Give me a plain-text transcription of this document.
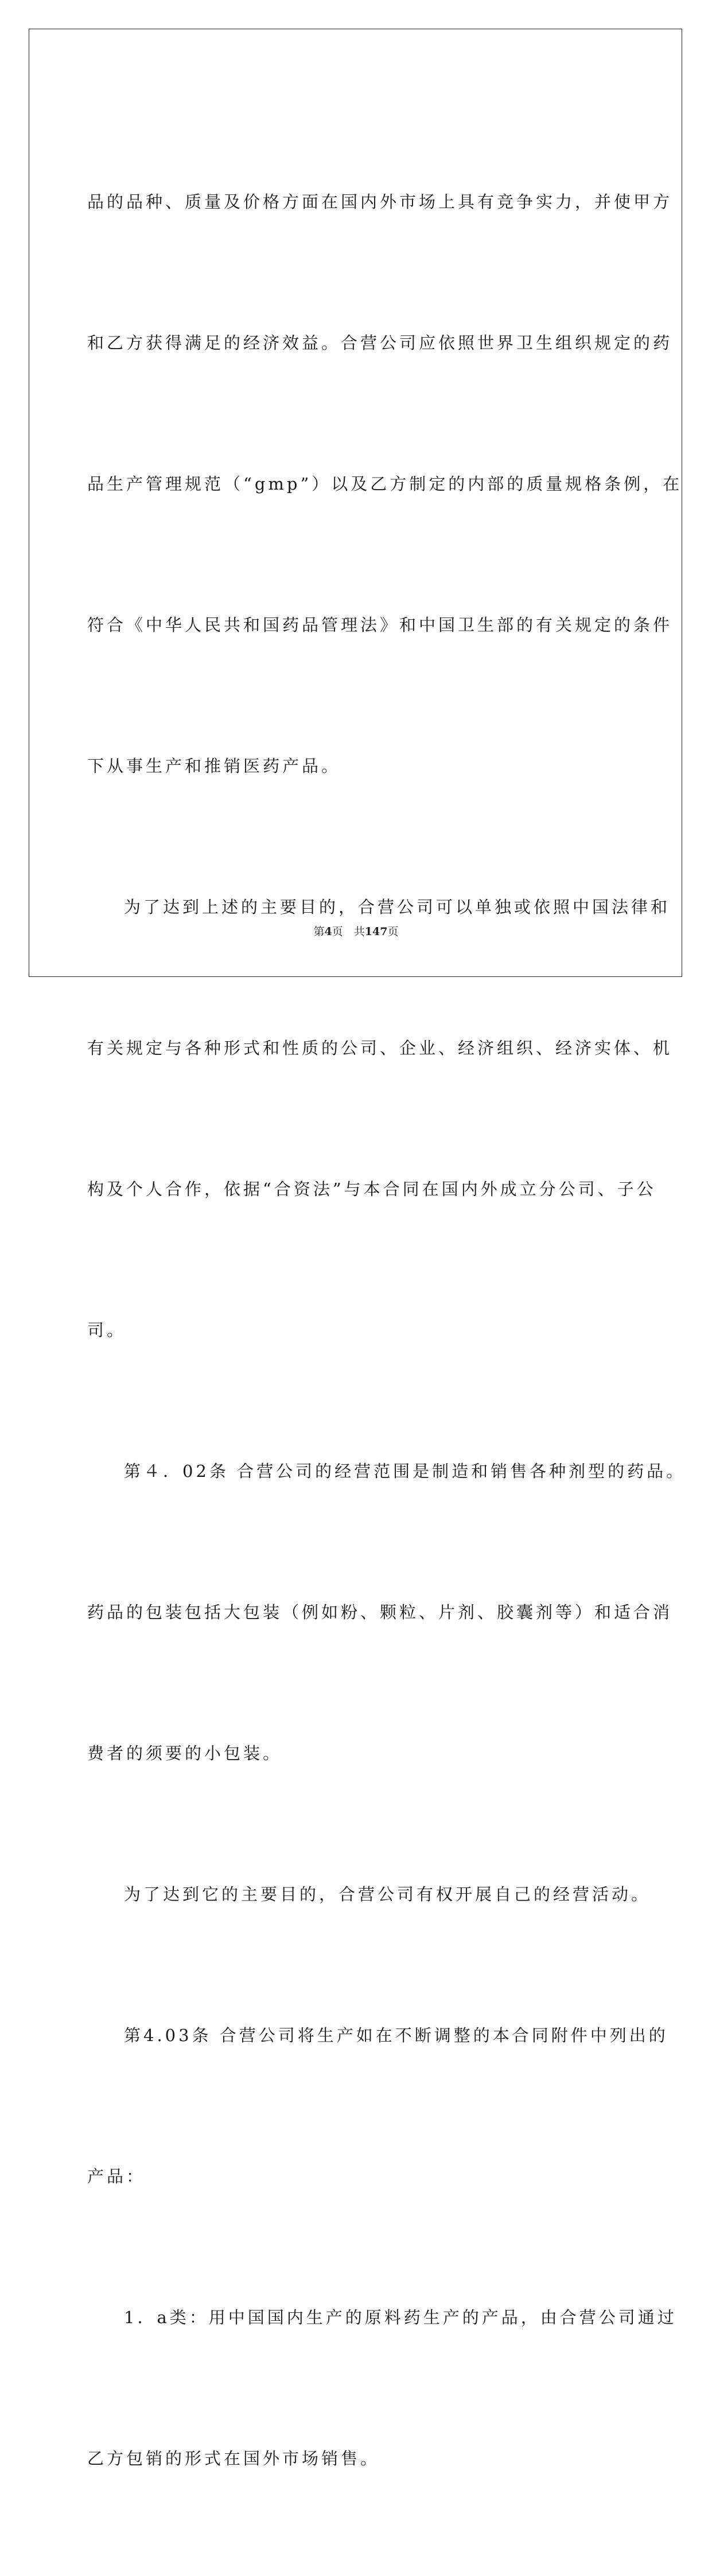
品的品种、质量及价格方面在国内外市场上具有竞争实力，并使甲方

和乙方获得满足的经济效益。合营公司应依照世界卫生组织规定的药

品生产管理规范（“gmp”）以及乙方制定的内部的质量规格条例，在

符合《中华人民共和国药品管理法》和中国卫生部的有关规定的条件

下从事生产和推销医药产品。

为了达到上述的主要目的，合营公司可以单独或依照中国法律和

有关规定与各种形式和性质的公司、企业、经济组织、经济实体、机

构及个人合作，依据“合资法”与本合同在国内外成立分公司、子公

司。

第４．02条 合营公司的经营范围是制造和销售各种剂型的药品。

药品的包装包括大包装（例如粉、颗粒、片剂、胶囊剂等）和适合消

费者的须要的小包装。

为了达到它的主要目的，合营公司有权开展自己的经营活动。

第4.03条 合营公司将生产如在不断调整的本合同附件中列出的

产品：

1．a类：用中国国内生产的原料药生产的产品，由合营公司通过

乙方包销的形式在国外市场销售。

第4页　共147页
